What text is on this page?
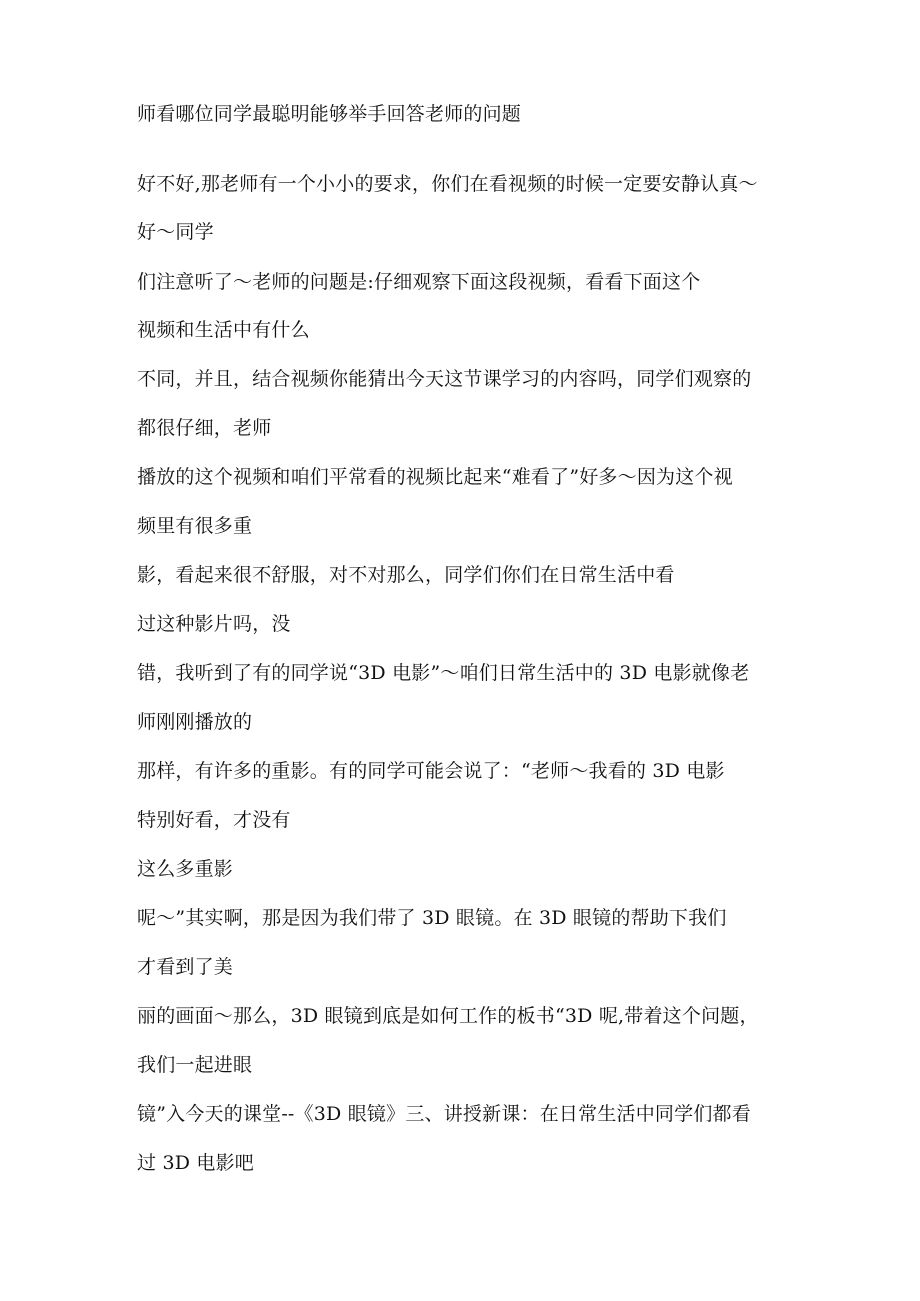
师看哪位同学最聪明能够举手回答老师的问题

好不好,那老师有一个小小的要求，你们在看视频的时候一定要安静认真～

好～同学

们注意听了～老师的问题是:仔细观察下面这段视频，看看下面这个

视频和生活中有什么

不同，并且，结合视频你能猜出今天这节课学习的内容吗，同学们观察的

都很仔细，老师

播放的这个视频和咱们平常看的视频比起来“难看了”好多～因为这个视

频里有很多重

影，看起来很不舒服，对不对那么，同学们你们在日常生活中看

过这种影片吗，没

错，我听到了有的同学说“3D 电影”～咱们日常生活中的 3D 电影就像老

师刚刚播放的

那样，有许多的重影。有的同学可能会说了：“老师～我看的 3D 电影

特别好看，才没有

这么多重影

呢～”其实啊，那是因为我们带了 3D 眼镜。在 3D 眼镜的帮助下我们

才看到了美

丽的画面～那么，3D 眼镜到底是如何工作的板书“3D 呢,带着这个问题，

我们一起进眼

镜”入今天的课堂--《3D 眼镜》三、讲授新课：在日常生活中同学们都看

过 3D 电影吧
